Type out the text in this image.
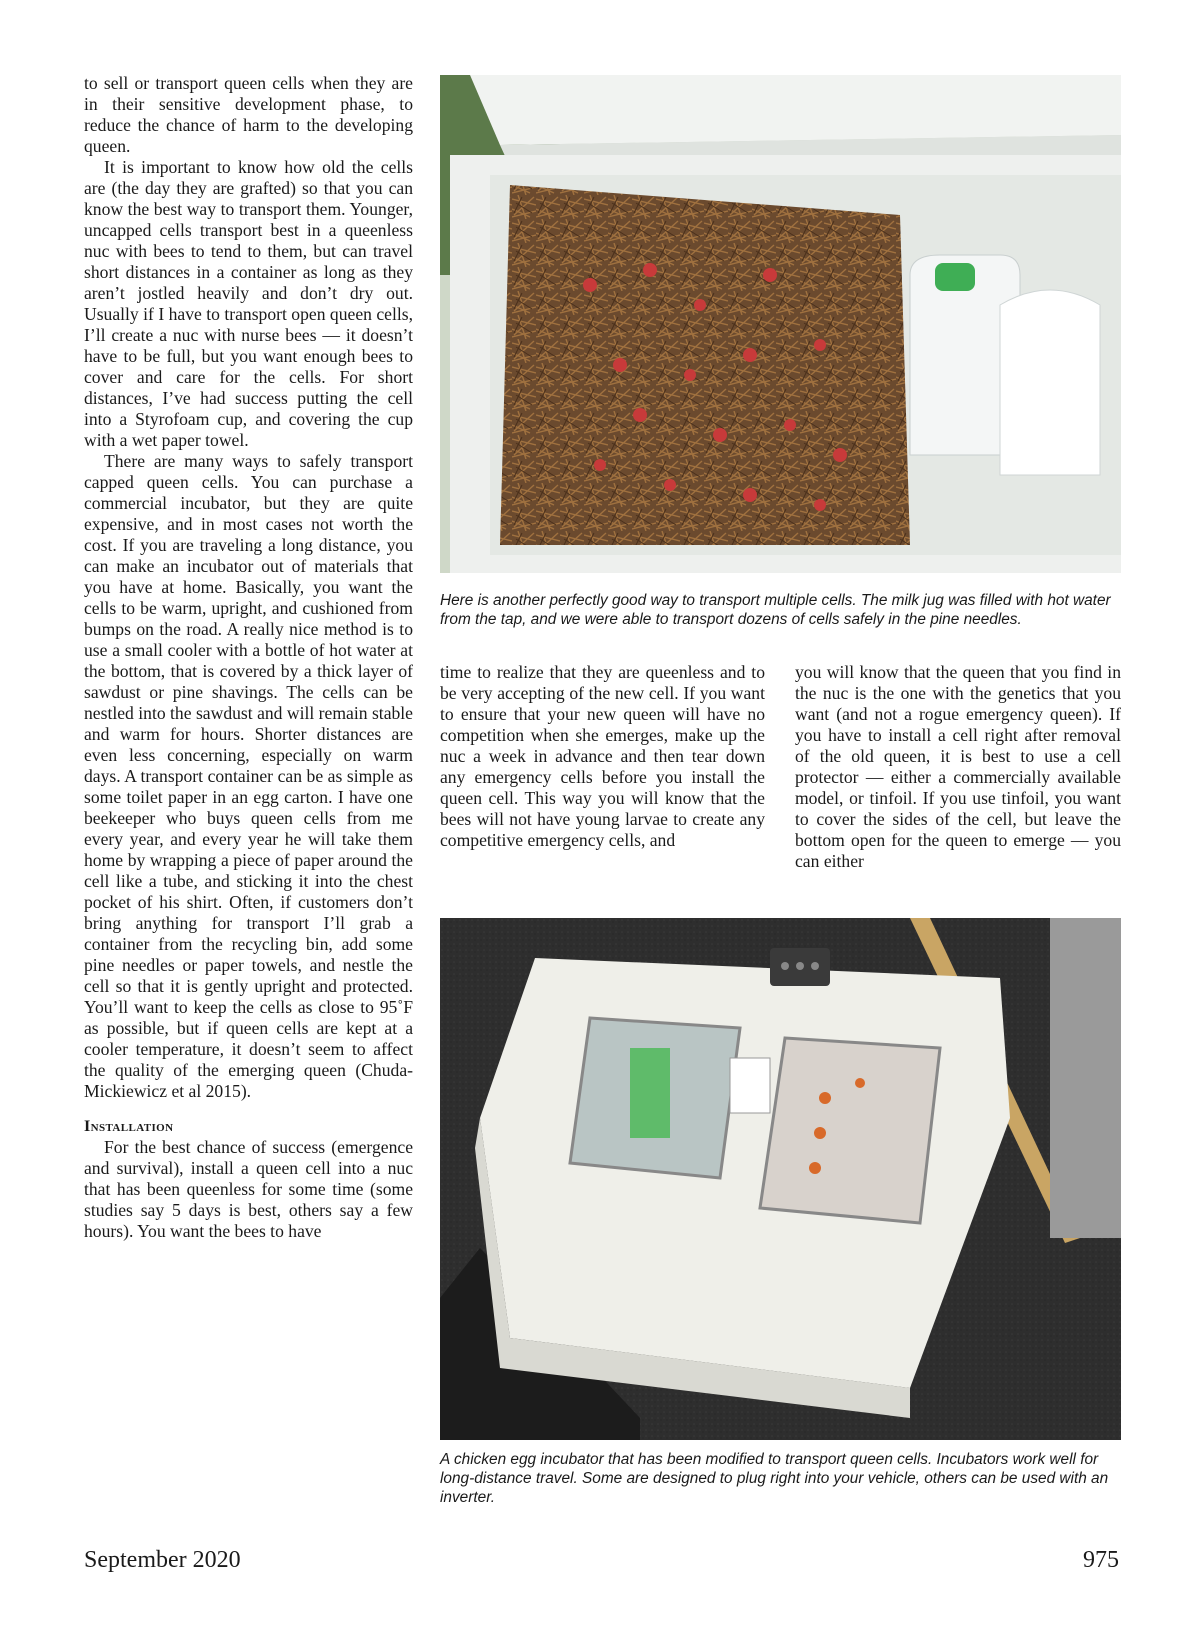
to sell or transport queen cells when they are in their sensitive development phase, to reduce the chance of harm to the developing queen.

It is important to know how old the cells are (the day they are grafted) so that you can know the best way to transport them. Younger, uncapped cells transport best in a queenless nuc with bees to tend to them, but can travel short distances in a container as long as they aren’t jostled heavily and don’t dry out. Usually if I have to transport open queen cells, I’ll create a nuc with nurse bees — it doesn’t have to be full, but you want enough bees to cover and care for the cells. For short distances, I’ve had success putting the cell into a Styrofoam cup, and covering the cup with a wet paper towel.

There are many ways to safely transport capped queen cells. You can purchase a commercial incubator, but they are quite expensive, and in most cases not worth the cost. If you are traveling a long distance, you can make an incubator out of materials that you have at home. Basically, you want the cells to be warm, upright, and cushioned from bumps on the road. A really nice method is to use a small cooler with a bottle of hot water at the bottom, that is covered by a thick layer of sawdust or pine shavings. The cells can be nestled into the sawdust and will remain stable and warm for hours. Shorter distances are even less concerning, especially on warm days. A transport container can be as simple as some toilet paper in an egg carton. I have one beekeeper who buys queen cells from me every year, and every year he will take them home by wrapping a piece of paper around the cell like a tube, and sticking it into the chest pocket of his shirt. Often, if customers don’t bring anything for transport I’ll grab a container from the recycling bin, add some pine needles or paper towels, and nestle the cell so that it is gently upright and protected. You’ll want to keep the cells as close to 95˚F as possible, but if queen cells are kept at a cooler temperature, it doesn’t seem to affect the quality of the emerging queen (Chuda-Mickiewicz et al 2015).

Installation

For the best chance of success (emergence and survival), install a queen cell into a nuc that has been queenless for some time (some studies say 5 days is best, others say a few hours). You want the bees to have

Here is another perfectly good way to transport multiple cells. The milk jug was filled with hot water from the tap, and we were able to transport dozens of cells safely in the pine needles.

time to realize that they are queenless and to be very accepting of the new cell. If you want to ensure that your new queen will have no competition when she emerges, make up the nuc a week in advance and then tear down any emergency cells before you install the queen cell. This way you will know that the bees will not have young larvae to create any competitive emergency cells, and

you will know that the queen that you find in the nuc is the one with the genetics that you want (and not a rogue emergency queen). If you have to install a cell right after removal of the old queen, it is best to use a cell protector — either a commercially available model, or tinfoil. If you use tinfoil, you want to cover the sides of the cell, but leave the bottom open for the queen to emerge — you can either

A chicken egg incubator that has been modified to transport queen cells. Incubators work well for long-distance travel. Some are designed to plug right into your vehicle, others can be used with an inverter.
September 2020	975
